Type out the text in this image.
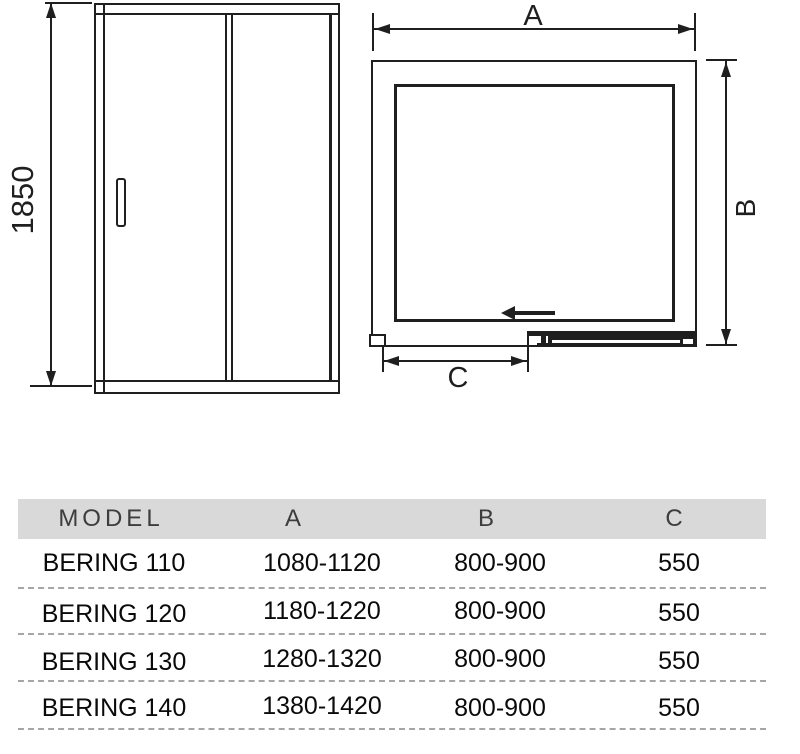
1850
A
B
C
MODEL	A	B	C
BERING 110	1080-1120	800-900	550
BERING 120	1180-1220	800-900	550
BERING 130	1280-1320	800-900	550
BERING 140	1380-1420	800-900	550
